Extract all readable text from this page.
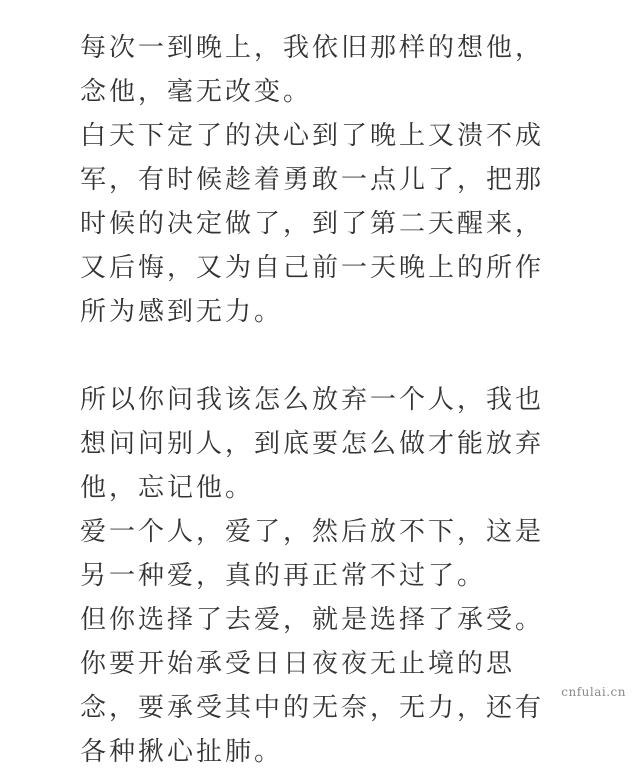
每次一到晚上，我依旧那样的想他，
念他，毫无改变。
白天下定了的决心到了晚上又溃不成
军，有时候趁着勇敢一点儿了，把那
时候的决定做了，到了第二天醒来，
又后悔，又为自己前一天晚上的所作
所为感到无力。
所以你问我该怎么放弃一个人，我也
想问问别人，到底要怎么做才能放弃
他，忘记他。
爱一个人，爱了，然后放不下，这是
另一种爱，真的再正常不过了。
但你选择了去爱，就是选择了承受。
你要开始承受日日夜夜无止境的思
念，要承受其中的无奈，无力，还有
各种揪心扯肺。
cnfulai.cn
